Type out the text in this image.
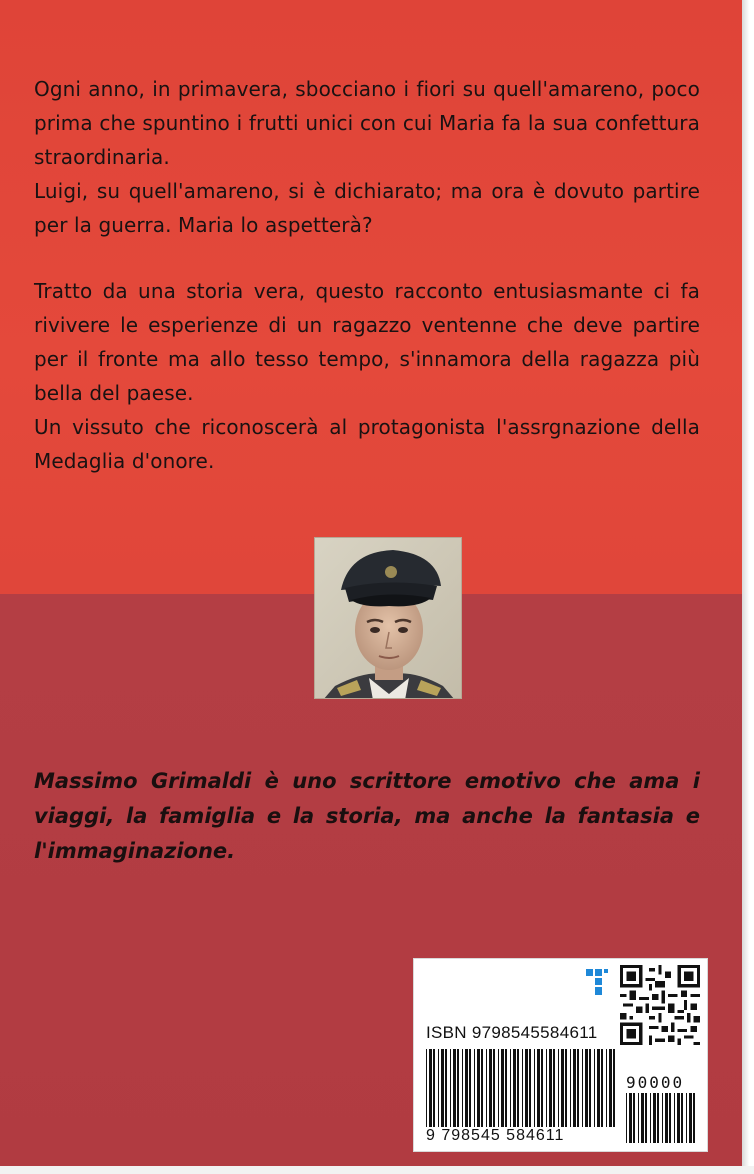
Ogni anno, in primavera, sbocciano i fiori su quell'amareno, poco prima che spuntino i frutti unici con cui Maria fa la sua confettura straordinaria.

Luigi, su quell'amareno, si è dichiarato; ma ora è dovuto partire per la guerra. Maria lo aspetterà?

Tratto da una storia vera, questo racconto entusiasmante ci fa rivivere le esperienze di un ragazzo ventenne che deve partire per il fronte ma allo tesso tempo, s'innamora della ragazza più bella del paese.

Un vissuto che riconoscerà al protagonista l'assrgnazione della Medaglia d'onore.

Massimo Grimaldi è uno scrittore emotivo che ama i viaggi, la famiglia e la storia, ma anche la fantasia e l'immaginazione.
ISBN 9798545584611
90000
9 798545 584611
